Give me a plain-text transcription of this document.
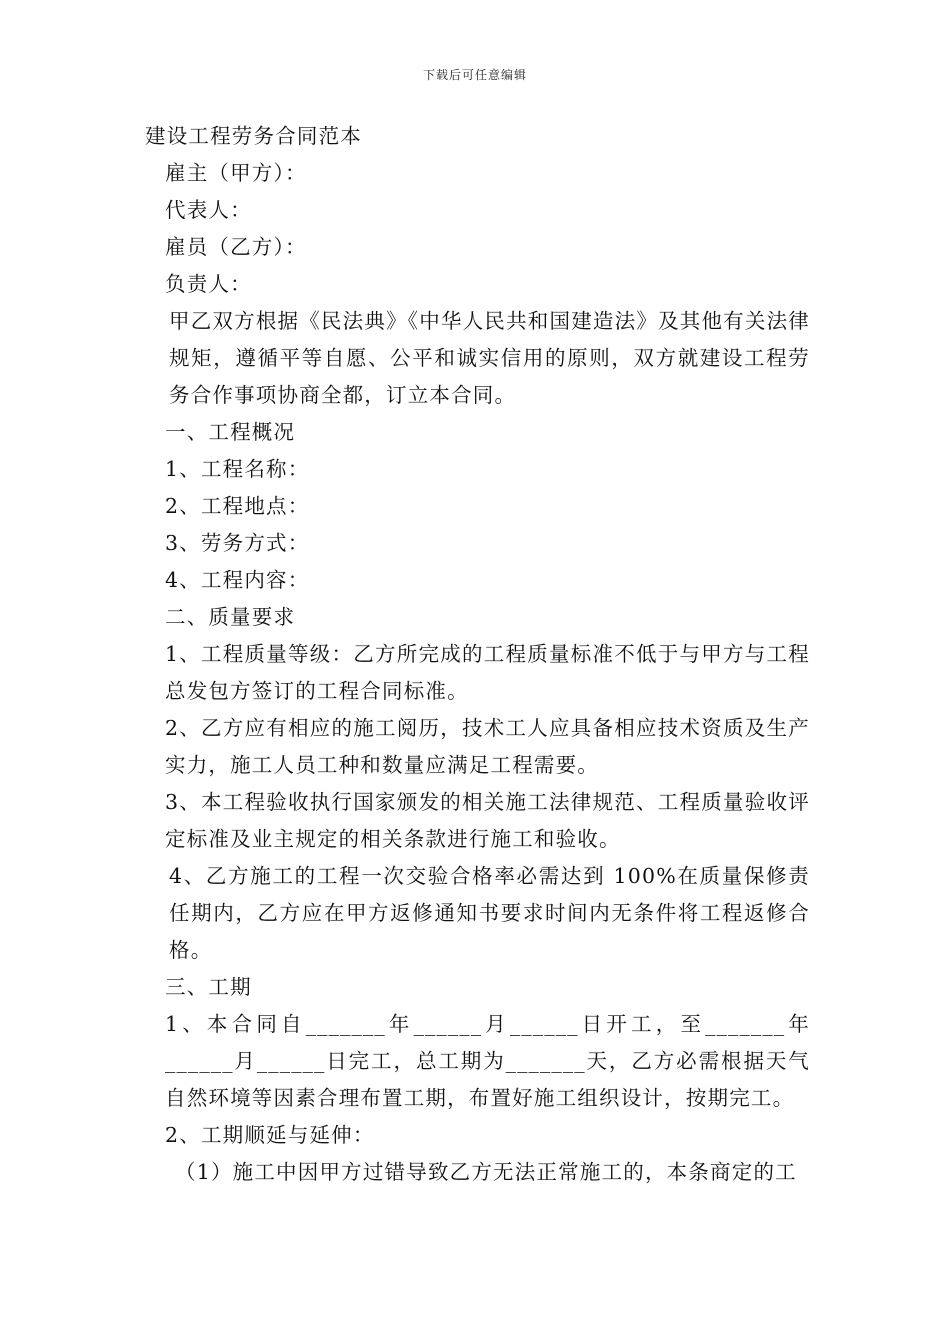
下载后可任意编辑
建设工程劳务合同范本
雇主（甲方）：
代表人：
雇员（乙方）：
负责人：
甲乙双方根据《民法典》《中华人民共和国建造法》及其他有关法律规矩，遵循平等自愿、公平和诚实信用的原则，双方就建设工程劳务合作事项协商全都，订立本合同。
一、工程概况
1、工程名称：
2、工程地点：
3、劳务方式：
4、工程内容：
二、质量要求
1、工程质量等级：乙方所完成的工程质量标准不低于与甲方与工程总发包方签订的工程合同标准。
2、乙方应有相应的施工阅历，技术工人应具备相应技术资质及生产实力，施工人员工种和数量应满足工程需要。
3、本工程验收执行国家颁发的相关施工法律规范、工程质量验收评定标准及业主规定的相关条款进行施工和验收。
4、乙方施工的工程一次交验合格率必需达到 100%在质量保修责任期内，乙方应在甲方返修通知书要求时间内无条件将工程返修合格。
三、工期
1、本合同自_______年______月______日开工，至_______年______月______日完工，总工期为_______天，乙方必需根据天气自然环境等因素合理布置工期，布置好施工组织设计，按期完工。
2、工期顺延与延伸：
（1）施工中因甲方过错导致乙方无法正常施工的，本条商定的工
